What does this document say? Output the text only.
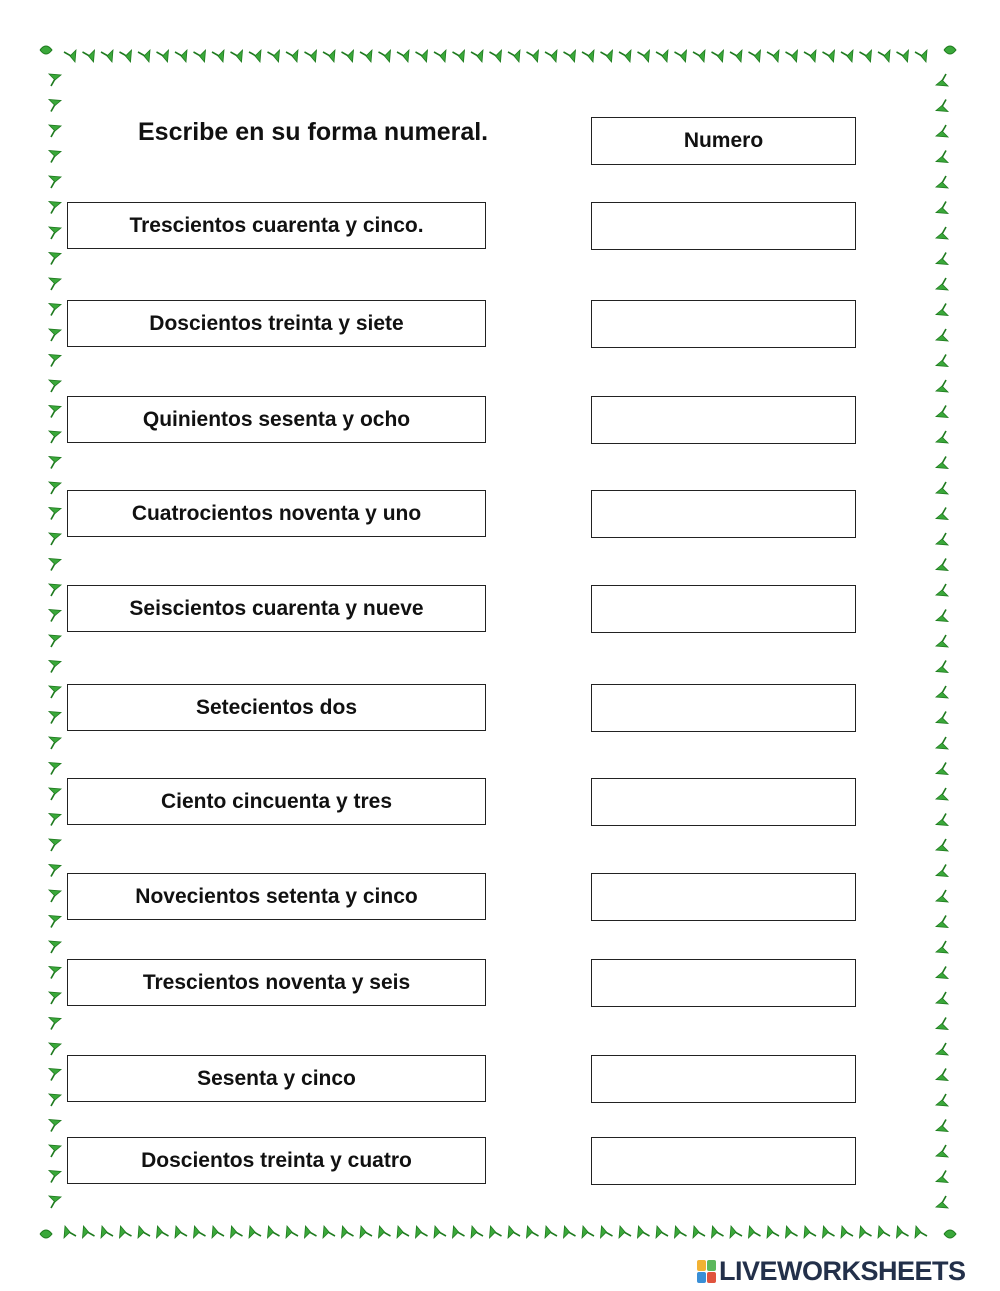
Escribe en su forma numeral.	Numero
Trescientos cuarenta y cinco.
Doscientos treinta y siete
Quinientos sesenta y ocho
Cuatrocientos noventa y uno
Seiscientos cuarenta y nueve
Setecientos dos
Ciento cincuenta y tres
Novecientos setenta y cinco
Trescientos noventa y seis
Sesenta y cinco
Doscientos treinta y cuatro
LIVEWORKSHEETS
